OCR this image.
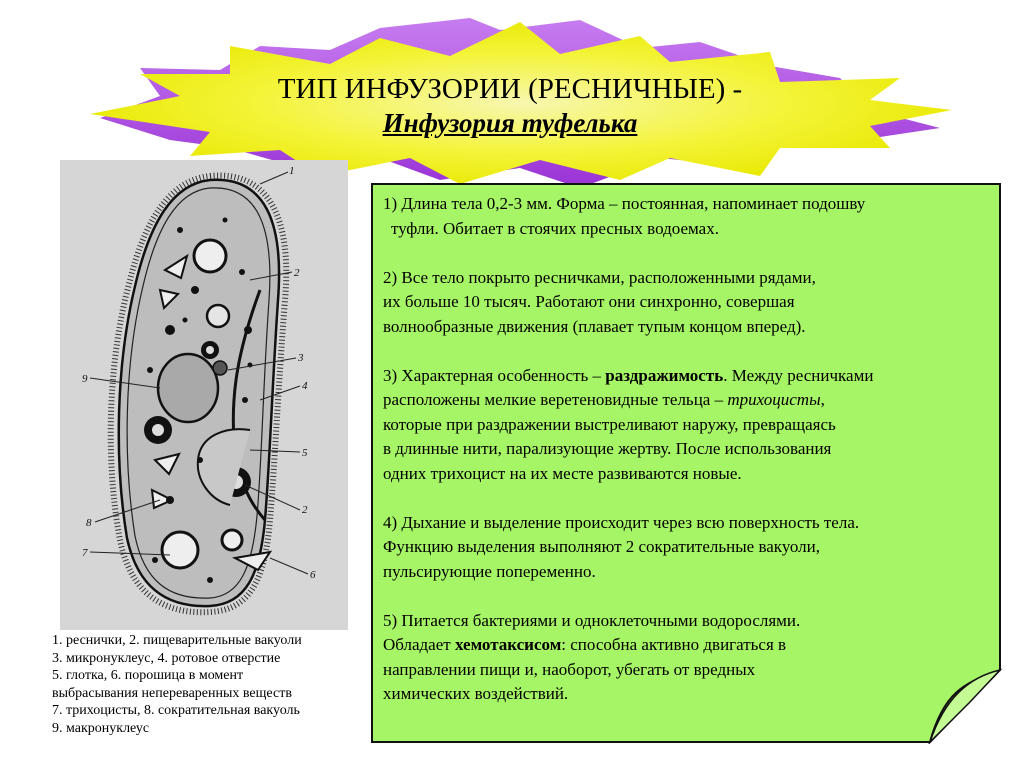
ТИП ИНФУЗОРИИ (РЕСНИЧНЫЕ) -
Инфузория туфелька
1
2
3
4
5
2
6
7
8
9
1. реснички, 2. пищеварительные вакуоли
3. микронуклеус, 4. ротовое отверстие
5. глотка, 6. порошица в момент
выбрасывания непереваренных веществ
7. трихоцисты, 8. сократительная вакуоль
9. макронуклеус

1) Длина тела 0,2-3 мм. Форма – постоянная, напоминает подошву
туфли. Обитает в стоячих пресных водоемах.

2) Все тело покрыто ресничками, расположенными рядами,
их больше 10 тысяч. Работают они синхронно, совершая
волнообразные движения (плавает тупым концом вперед).

3) Характерная особенность – раздражимость. Между ресничками
расположены мелкие веретеновидные тельца – трихоцисты,
которые при раздражении выстреливают наружу, превращаясь
в длинные нити, парализующие жертву. После использования
одних трихоцист на их месте развиваются новые.

4) Дыхание и выделение происходит через всю поверхность тела.
Функцию выделения выполняют 2 сократительные вакуоли,
пульсирующие попеременно.

5) Питается бактериями и одноклеточными водорослями.
Обладает хемотаксисом: способна активно двигаться в
направлении пищи и, наоборот, убегать от вредных
химических воздействий.
